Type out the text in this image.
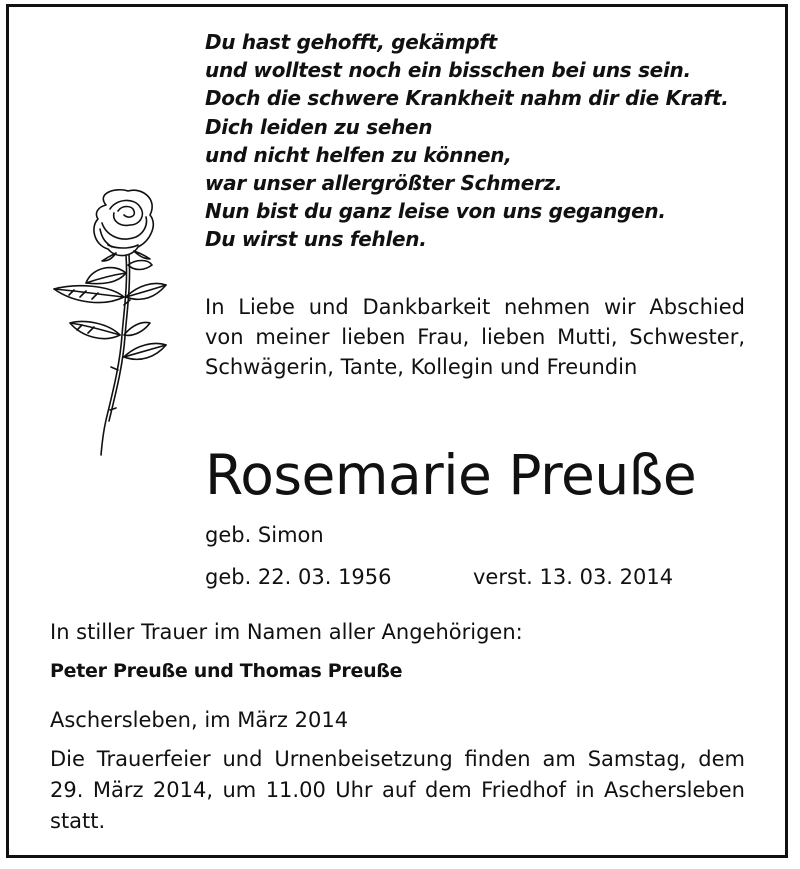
Du hast gehofft, gekämpft
und wolltest noch ein bisschen bei uns sein.
Doch die schwere Krankheit nahm dir die Kraft.
Dich leiden zu sehen
und nicht helfen zu können,
war unser allergrößter Schmerz.
Nun bist du ganz leise von uns gegangen.
Du wirst uns fehlen.
In Liebe und Dankbarkeit nehmen wir Abschied von meiner lieben Frau, lieben Mutti, Schwester, Schwägerin, Tante, Kollegin und Freundin
Rosemarie Preuße
geb. Simon
geb. 22. 03. 1956	verst. 13. 03. 2014
In stiller Trauer im Namen aller Angehörigen:
Peter Preuße und Thomas Preuße
Aschersleben, im März 2014
Die Trauerfeier und Urnenbeisetzung finden am Samstag, dem 29. März 2014, um 11.00 Uhr auf dem Friedhof in Aschersleben statt.
